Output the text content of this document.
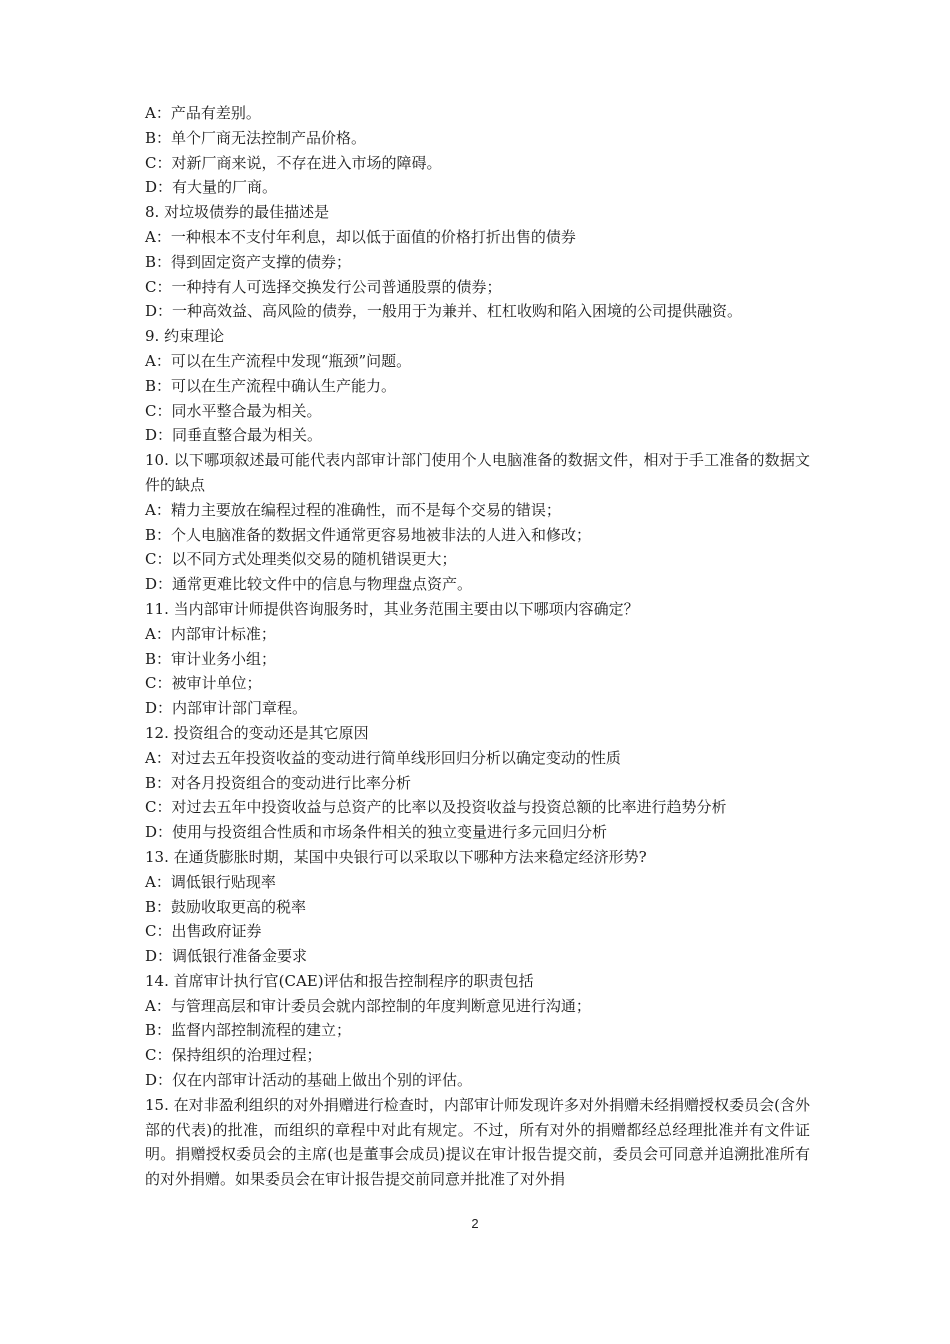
A：产品有差别。
B：单个厂商无法控制产品价格。
C：对新厂商来说，不存在进入市场的障碍。
D：有大量的厂商。
8. 对垃圾债券的最佳描述是
A：一种根本不支付年利息，却以低于面值的价格打折出售的债券
B：得到固定资产支撑的债券；
C：一种持有人可选择交换发行公司普通股票的债券；
D：一种高效益、高风险的债券，一般用于为兼并、杠杠收购和陷入困境的公司提供融资。
9. 约束理论
A：可以在生产流程中发现“瓶颈”问题。
B：可以在生产流程中确认生产能力。
C：同水平整合最为相关。
D：同垂直整合最为相关。
10. 以下哪项叙述最可能代表内部审计部门使用个人电脑准备的数据文件，相对于手工准备的数据文件的缺点
A：精力主要放在编程过程的准确性，而不是每个交易的错误；
B：个人电脑准备的数据文件通常更容易地被非法的人进入和修改；
C：以不同方式处理类似交易的随机错误更大；
D：通常更难比较文件中的信息与物理盘点资产。
11. 当内部审计师提供咨询服务时，其业务范围主要由以下哪项内容确定？
A：内部审计标准；
B：审计业务小组；
C：被审计单位；
D：内部审计部门章程。
12. 投资组合的变动还是其它原因
A：对过去五年投资收益的变动进行简单线形回归分析以确定变动的性质
B：对各月投资组合的变动进行比率分析
C：对过去五年中投资收益与总资产的比率以及投资收益与投资总额的比率进行趋势分析
D：使用与投资组合性质和市场条件相关的独立变量进行多元回归分析
13. 在通货膨胀时期，某国中央银行可以采取以下哪种方法来稳定经济形势?
A：调低银行贴现率
B：鼓励收取更高的税率
C：出售政府证券
D：调低银行准备金要求
14. 首席审计执行官(CAE)评估和报告控制程序的职责包括
A：与管理高层和审计委员会就内部控制的年度判断意见进行沟通；
B：监督内部控制流程的建立；
C：保持组织的治理过程；
D：仅在内部审计活动的基础上做出个别的评估。
15. 在对非盈利组织的对外捐赠进行检查时，内部审计师发现许多对外捐赠未经捐赠授权委员会(含外部的代表)的批准，而组织的章程中对此有规定。不过，所有对外的捐赠都经总经理批准并有文件证明。捐赠授权委员会的主席(也是董事会成员)提议在审计报告提交前，委员会可同意并追溯批准所有的对外捐赠。如果委员会在审计报告提交前同意并批准了对外捐
2
